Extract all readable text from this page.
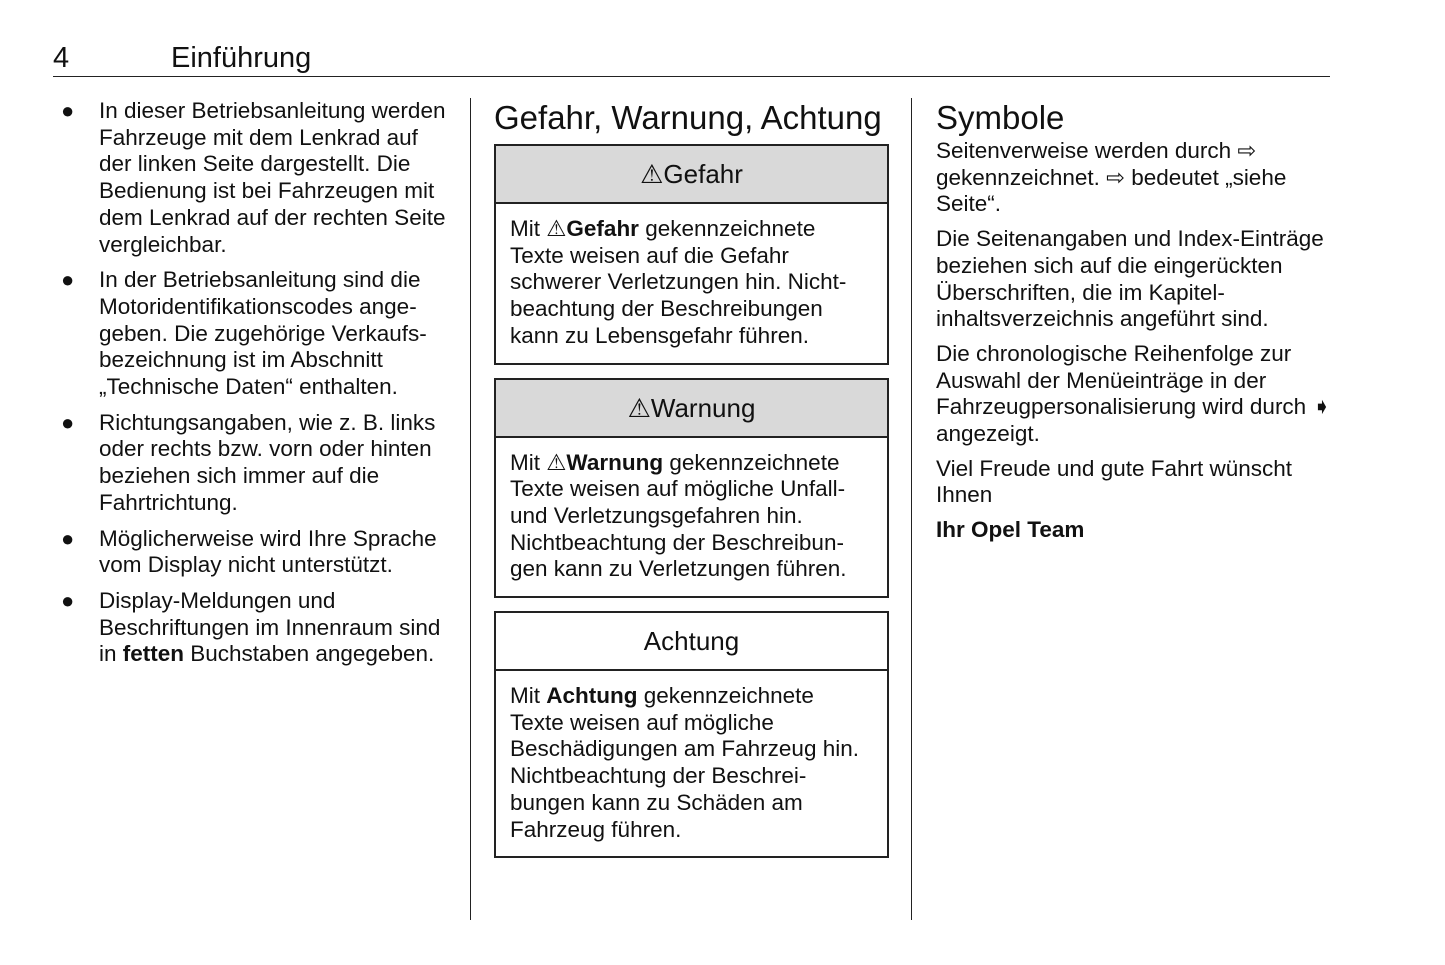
4	Einführung
● In dieser Betriebsanleitung werden Fahrzeuge mit dem Lenkrad auf der linken Seite dargestellt. Die Bedienung ist bei Fahrzeugen mit dem Lenkrad auf der rechten Seite vergleichbar.
● In der Betriebsanleitung sind die Motoridentifikationscodes angegeben. Die zugehörige Verkaufsbezeichnung ist im Abschnitt „Technische Daten“ enthalten.
● Richtungsangaben, wie z. B. links oder rechts bzw. vorn oder hinten beziehen sich immer auf die Fahrtrichtung.
● Möglicherweise wird Ihre Sprache vom Display nicht unterstützt.
● Display-Meldungen und Beschriftungen im Innenraum sind in fetten Buchstaben angegeben.
Gefahr, Warnung, Achtung
⚠Gefahr
Mit ⚠Gefahr gekennzeichnete Texte weisen auf die Gefahr schwerer Verletzungen hin. Nichtbeachtung der Beschreibungen kann zu Lebensgefahr führen.
⚠Warnung
Mit ⚠Warnung gekennzeichnete Texte weisen auf mögliche Unfall- und Verletzungsgefahren hin. Nichtbeachtung der Beschreibungen kann zu Verletzungen führen.
Achtung
Mit Achtung gekennzeichnete Texte weisen auf mögliche Beschädigungen am Fahrzeug hin. Nichtbeachtung der Beschreibungen kann zu Schäden am Fahrzeug führen.
Symbole

Seitenverweise werden durch ⇨ gekennzeichnet. ⇨ bedeutet „siehe Seite“.

Die Seitenangaben und Index-Einträge beziehen sich auf die eingerückten Überschriften, die im Kapitelinhaltsverzeichnis angeführt sind.

Die chronologische Reihenfolge zur Auswahl der Menüeinträge in der Fahrzeugpersonalisierung wird durch ➧ angezeigt.

Viel Freude und gute Fahrt wünscht Ihnen

Ihr Opel Team
